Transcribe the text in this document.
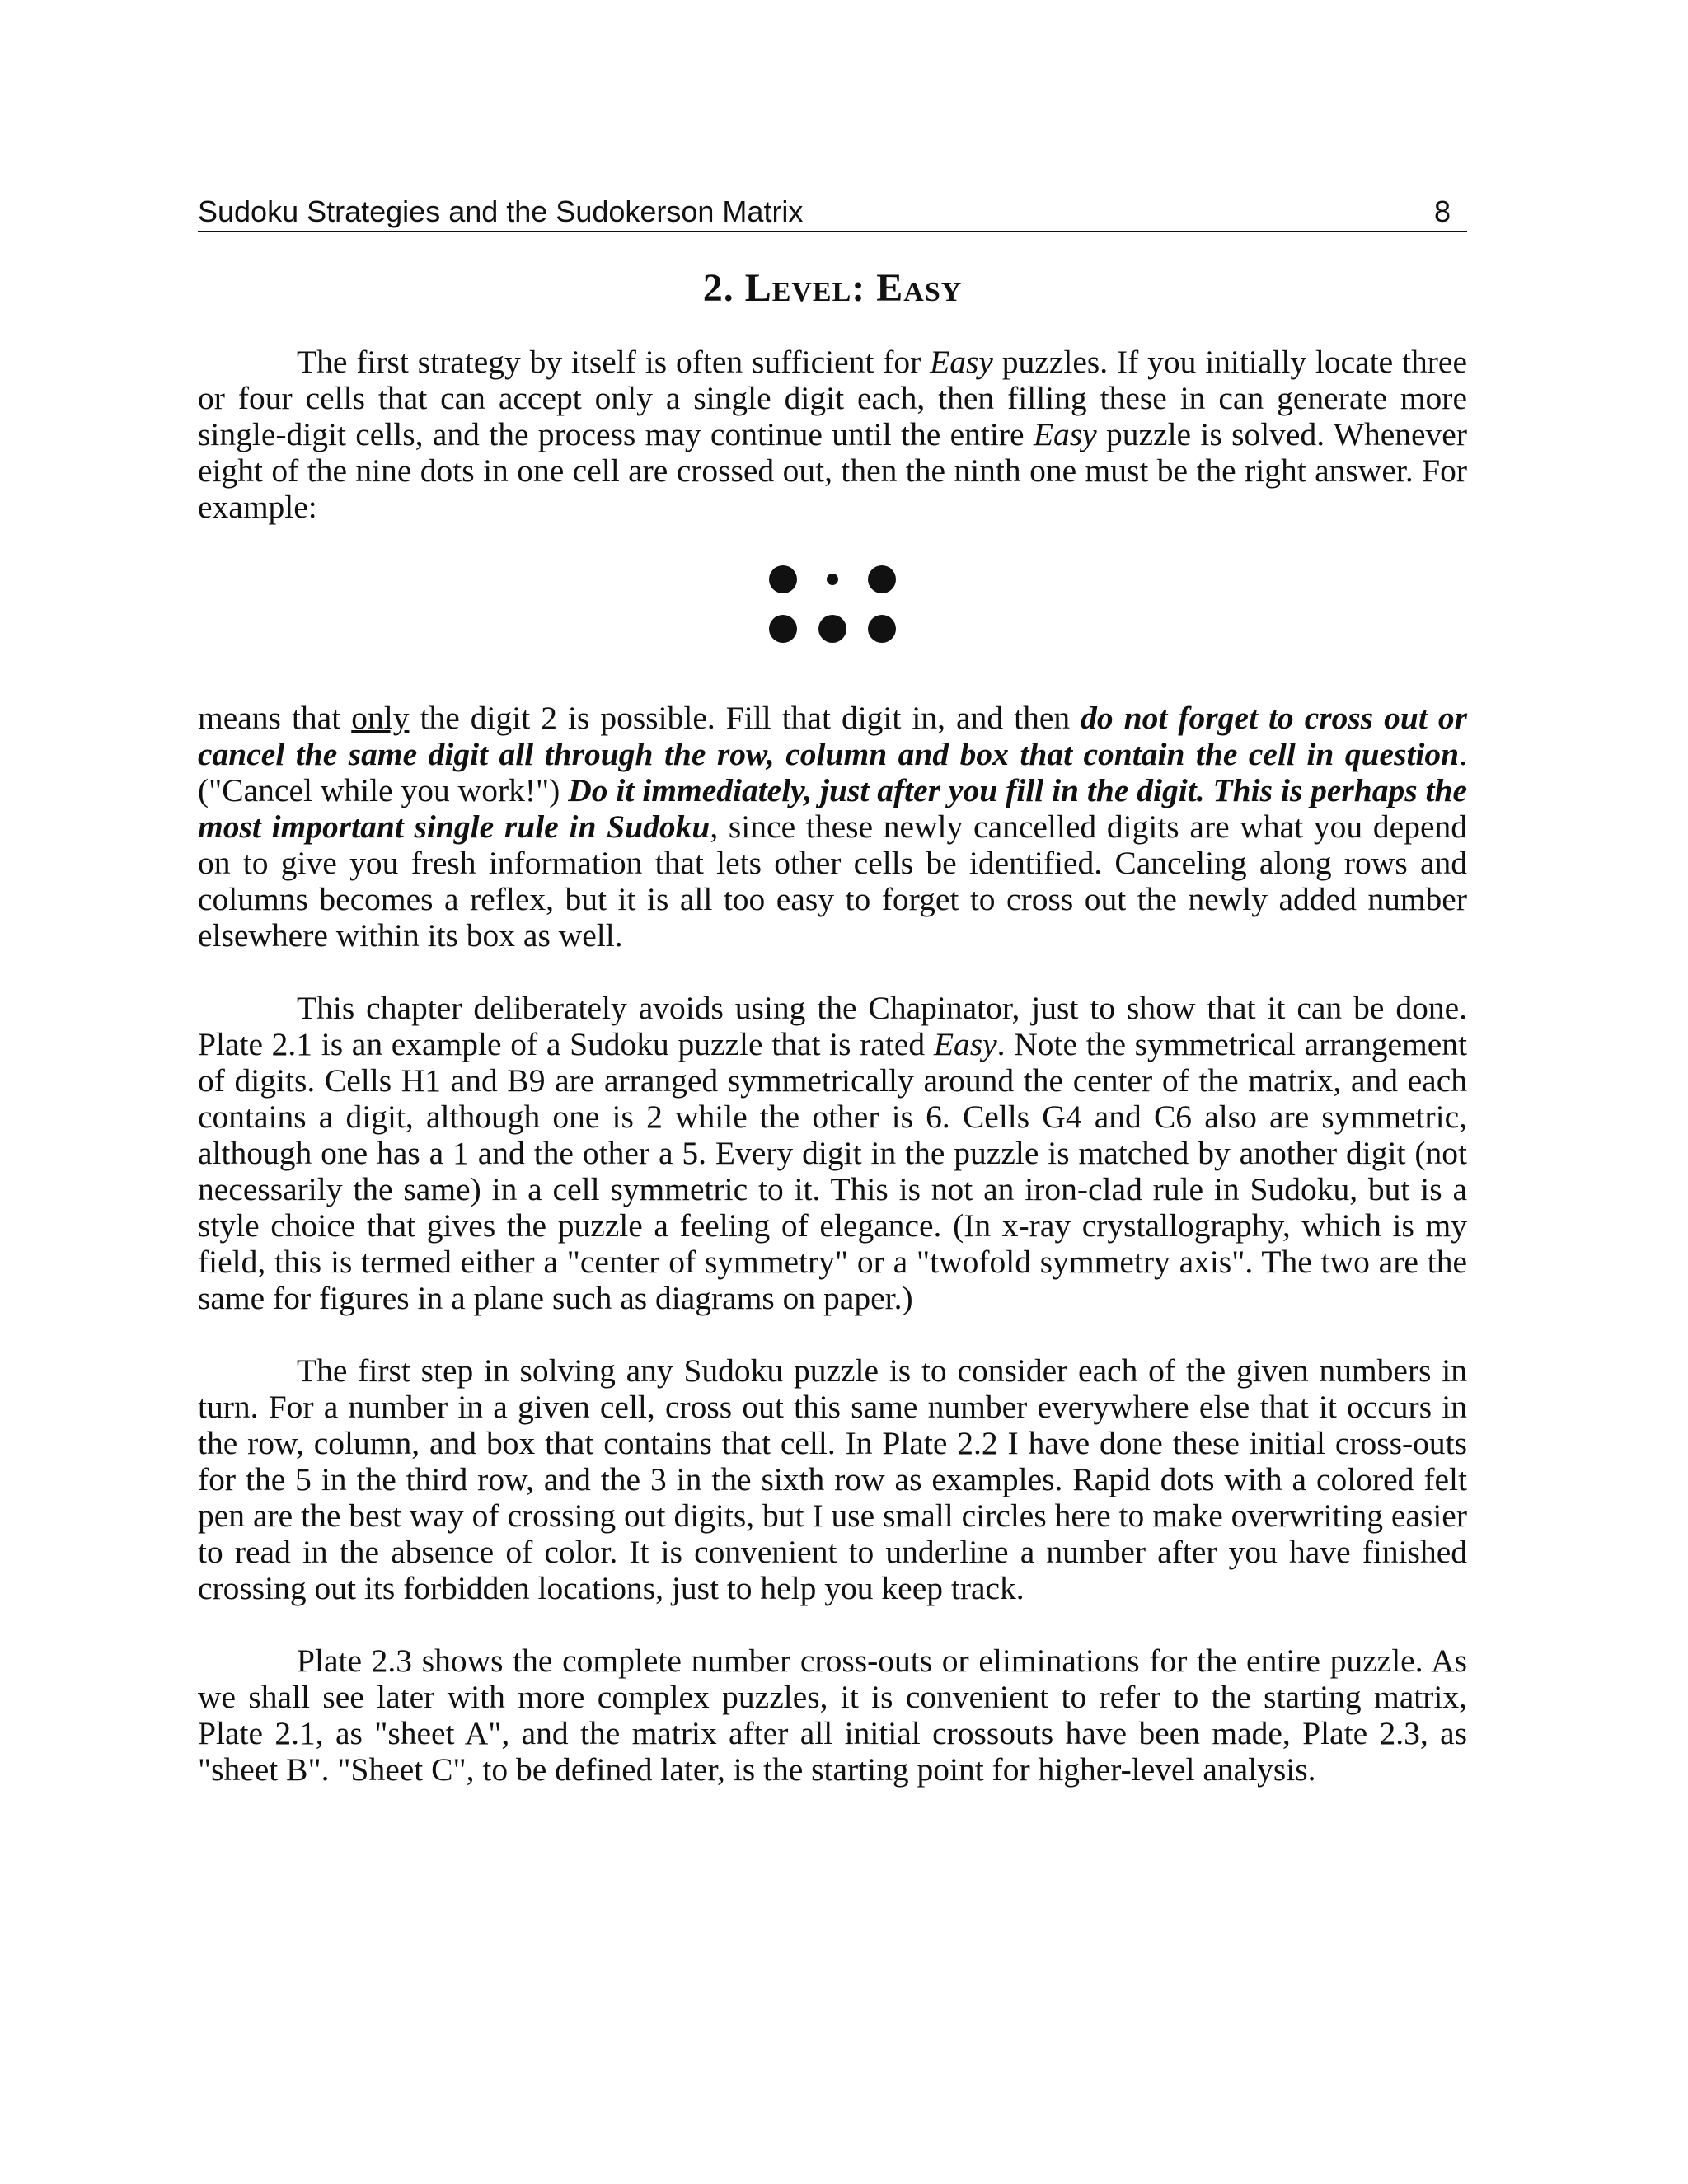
Sudoku Strategies and the Sudokerson Matrix	8
2. Level: Easy

The first strategy by itself is often sufficient for Easy puzzles. If you initially locate three or four cells that can accept only a single digit each, then filling these in can generate more single-digit cells, and the process may continue until the entire Easy puzzle is solved. Whenever eight of the nine dots in one cell are crossed out, then the ninth one must be the right answer. For example:

means that only the digit 2 is possible. Fill that digit in, and then do not forget to cross out or cancel the same digit all through the row, column and box that contain the cell in question. ("Cancel while you work!") Do it immediately, just after you fill in the digit. This is perhaps the most important single rule in Sudoku, since these newly cancelled digits are what you depend on to give you fresh information that lets other cells be identified. Canceling along rows and columns becomes a reflex, but it is all too easy to forget to cross out the newly added number elsewhere within its box as well.

This chapter deliberately avoids using the Chapinator, just to show that it can be done. Plate 2.1 is an example of a Sudoku puzzle that is rated Easy. Note the symmetrical arrangement of digits. Cells H1 and B9 are arranged symmetrically around the center of the matrix, and each contains a digit, although one is 2 while the other is 6. Cells G4 and C6 also are symmetric, although one has a 1 and the other a 5. Every digit in the puzzle is matched by another digit (not necessarily the same) in a cell symmetric to it. This is not an iron-clad rule in Sudoku, but is a style choice that gives the puzzle a feeling of elegance. (In x-ray crystallography, which is my field, this is termed either a "center of symmetry" or a "twofold symmetry axis". The two are the same for figures in a plane such as diagrams on paper.)

The first step in solving any Sudoku puzzle is to consider each of the given numbers in turn. For a number in a given cell, cross out this same number everywhere else that it occurs in the row, column, and box that contains that cell. In Plate 2.2 I have done these initial cross-outs for the 5 in the third row, and the 3 in the sixth row as examples. Rapid dots with a colored felt pen are the best way of crossing out digits, but I use small circles here to make overwriting easier to read in the absence of color. It is convenient to underline a number after you have finished crossing out its forbidden locations, just to help you keep track.

Plate 2.3 shows the complete number cross-outs or eliminations for the entire puzzle. As we shall see later with more complex puzzles, it is convenient to refer to the starting matrix, Plate 2.1, as "sheet A", and the matrix after all initial crossouts have been made, Plate 2.3, as "sheet B". "Sheet C", to be defined later, is the starting point for higher-level analysis.
